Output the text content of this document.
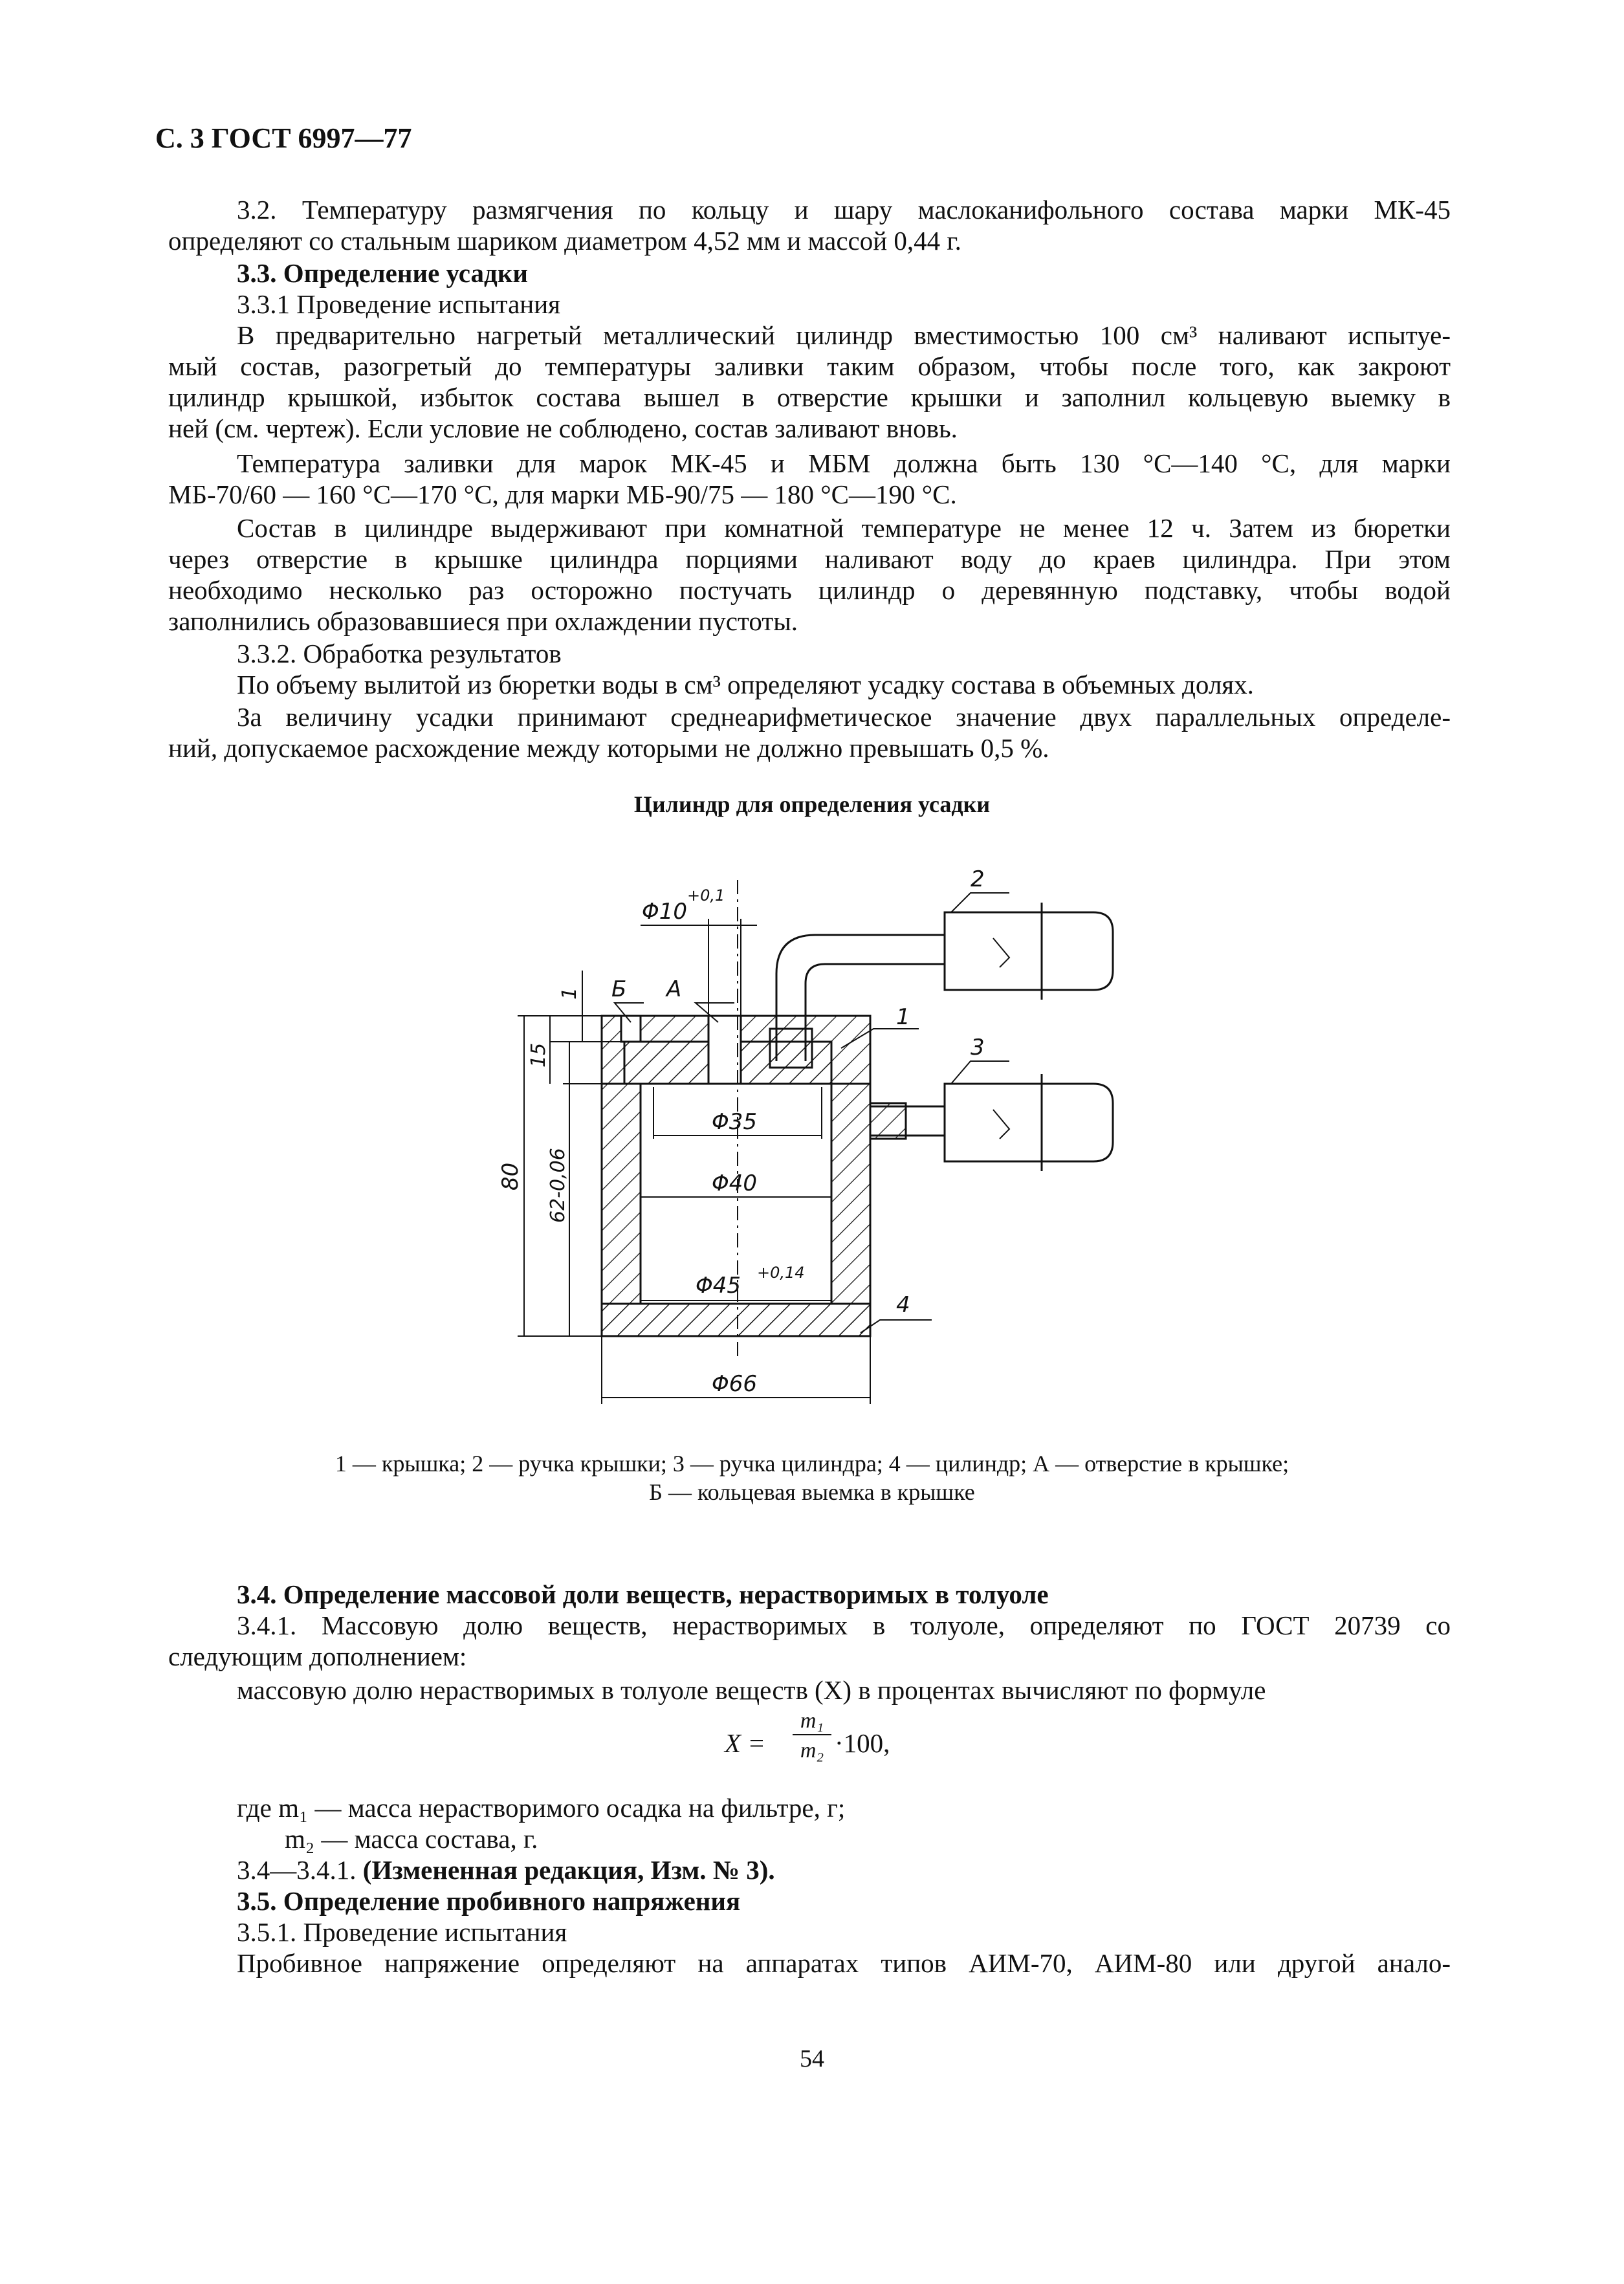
С. 3 ГОСТ 6997—77
3.2. Температуру размягчения по кольцу и шару маслоканифольного состава марки МК-45
определяют со стальным шариком диаметром 4,52 мм и массой 0,44 г.
3.3. Определение усадки
3.3.1 Проведение испытания
В предварительно нагретый металлический цилиндр вместимостью 100 см³ наливают испытуе-
мый состав, разогретый до температуры заливки таким образом, чтобы после того, как закроют
цилиндр крышкой, избыток состава вышел в отверстие крышки и заполнил кольцевую выемку в
ней (см. чертеж). Если условие не соблюдено, состав заливают вновь.
Температура заливки для марок МК-45 и МБМ должна быть 130 °С—140 °С, для марки
МБ-70/60 — 160 °С—170 °С, для марки МБ-90/75 — 180 °С—190 °С.
Состав в цилиндре выдерживают при комнатной температуре не менее 12 ч. Затем из бюретки
через отверстие в крышке цилиндра порциями наливают воду до краев цилиндра. При этом
необходимо несколько раз осторожно постучать цилиндр о деревянную подставку, чтобы водой
заполнились образовавшиеся при охлаждении пустоты.
3.3.2. Обработка результатов
По объему вылитой из бюретки воды в см³ определяют усадку состава в объемных долях.
За величину усадки принимают среднеарифметическое значение двух параллельных определе-
ний, допускаемое расхождение между которыми не должно превышать 0,5 %.
Цилиндр для определения усадки
Φ10
+0,1
Φ35
Φ40
Φ45 +0,14
Φ66
80 62-0,06
15
1
1
2
3
4
Б А
1 — крышка; 2 — ручка крышки; 3 — ручка цилиндра; 4 — цилиндр; А — отверстие в крышке;
Б — кольцевая выемка в крышке
3.4. Определение массовой доли веществ, нерастворимых в толуоле
3.4.1. Массовую долю веществ, нерастворимых в толуоле, определяют по ГОСТ 20739 со
следующим дополнением:
массовую долю нерастворимых в толуоле веществ (X) в процентах вычисляют по формуле
X =
m₁
m₂ ·100,
где m₁ — масса нерастворимого осадка на фильтре, г;
m₂ — масса состава, г.
3.4—3.4.1. (Измененная редакция, Изм. № 3).
3.5. Определение пробивного напряжения
3.5.1. Проведение испытания
Пробивное напряжение определяют на аппаратах типов АИМ-70, АИМ-80 или другой анало-
54
